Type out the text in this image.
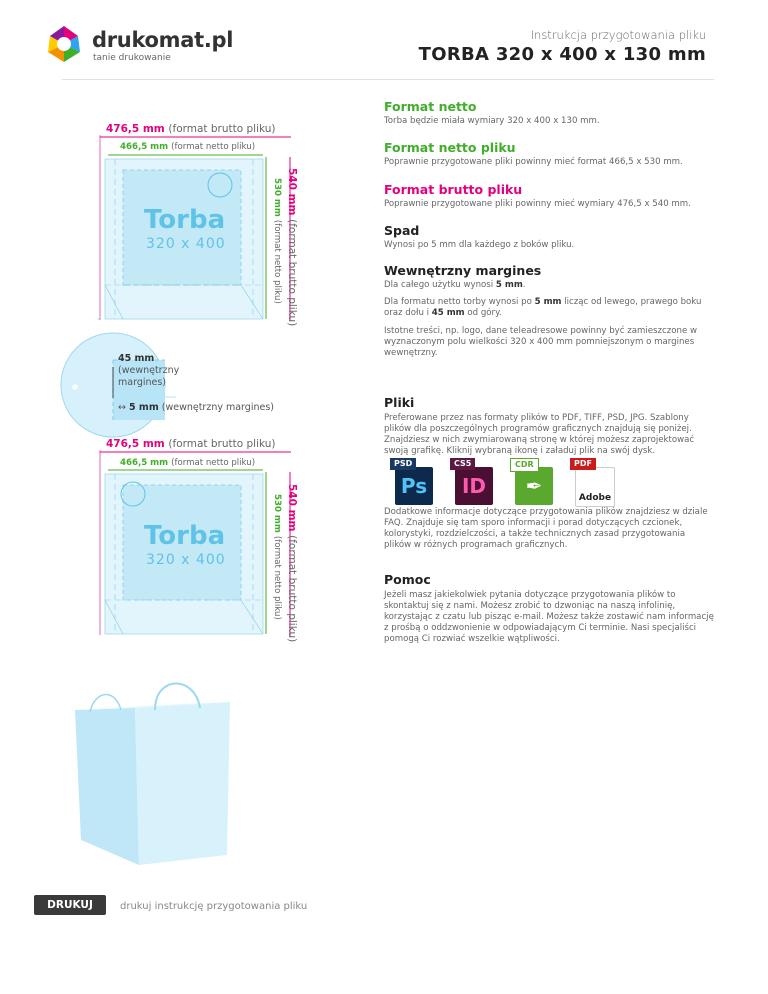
drukomat.pl
tanie drukowanie
Instrukcja przygotowania pliku
TORBA 320 x 400 x 130 mm
476,5 mm (format brutto pliku)
466,5 mm (format netto pliku)
Torba
320 x 400
540 mm (format brutto pliku)
530 mm (format netto pliku)
45 mm
(wewnętrzny
margines)
↔ 5 mm (wewnętrzny margines)
476,5 mm (format brutto pliku)
466,5 mm (format netto pliku)
Torba
320 x 400
540 mm (format brutto pliku)
530 mm (format netto pliku)
Format netto
Torba będzie miała wymiary 320 x 400 x 130 mm.
Format netto pliku
Poprawnie przygotowane pliki powinny mieć format 466,5 x 530 mm.
Format brutto pliku
Poprawnie przygotowane pliki powinny mieć wymiary 476,5 x 540 mm.
Spad
Wynosi po 5 mm dla każdego z boków pliku.
Wewnętrzny margines
Dla całego użytku wynosi 5 mm.
Dla formatu netto torby wynosi po 5 mm licząc od lewego, prawego boku oraz dołu i 45 mm od góry.
Istotne treści, np. logo, dane teleadresowe powinny być zamieszczone w wyznaczonym polu wielkości 320 x 400 mm pomniejszonym o margines wewnętrzny.
Pliki
Preferowane przez nas formaty plików to PDF, TIFF, PSD, JPG. Szablony plików dla poszczególnych programów graficznych znajdują się poniżej. Znajdziesz w nich zwymiarowaną stronę w której możesz zaprojektować swoją grafikę. Kliknij wybraną ikonę i załaduj plik na swój dysk.
Ps
PSD
ID
CS5
✒
CDR
Adobe
PDF
Dodatkowe informacje dotyczące przygotowania plików znajdziesz w dziale FAQ. Znajduje się tam sporo informacji i porad dotyczących czcionek, kolorystyki, rozdzielczości, a także technicznych zasad przygotowania plików w różnych programach graficznych.
Pomoc
Jeżeli masz jakiekolwiek pytania dotyczące przygotowania plików to skontaktuj się z nami. Możesz zrobić to dzwoniąc na naszą infolinię, korzystając z czatu lub pisząc e-mail. Możesz także zostawić nam informację z prośbą o oddzwonienie w odpowiadającym Ci terminie. Nasi specjaliści pomogą Ci rozwiać wszelkie wątpliwości.
DRUKUJ	drukuj instrukcję przygotowania pliku
